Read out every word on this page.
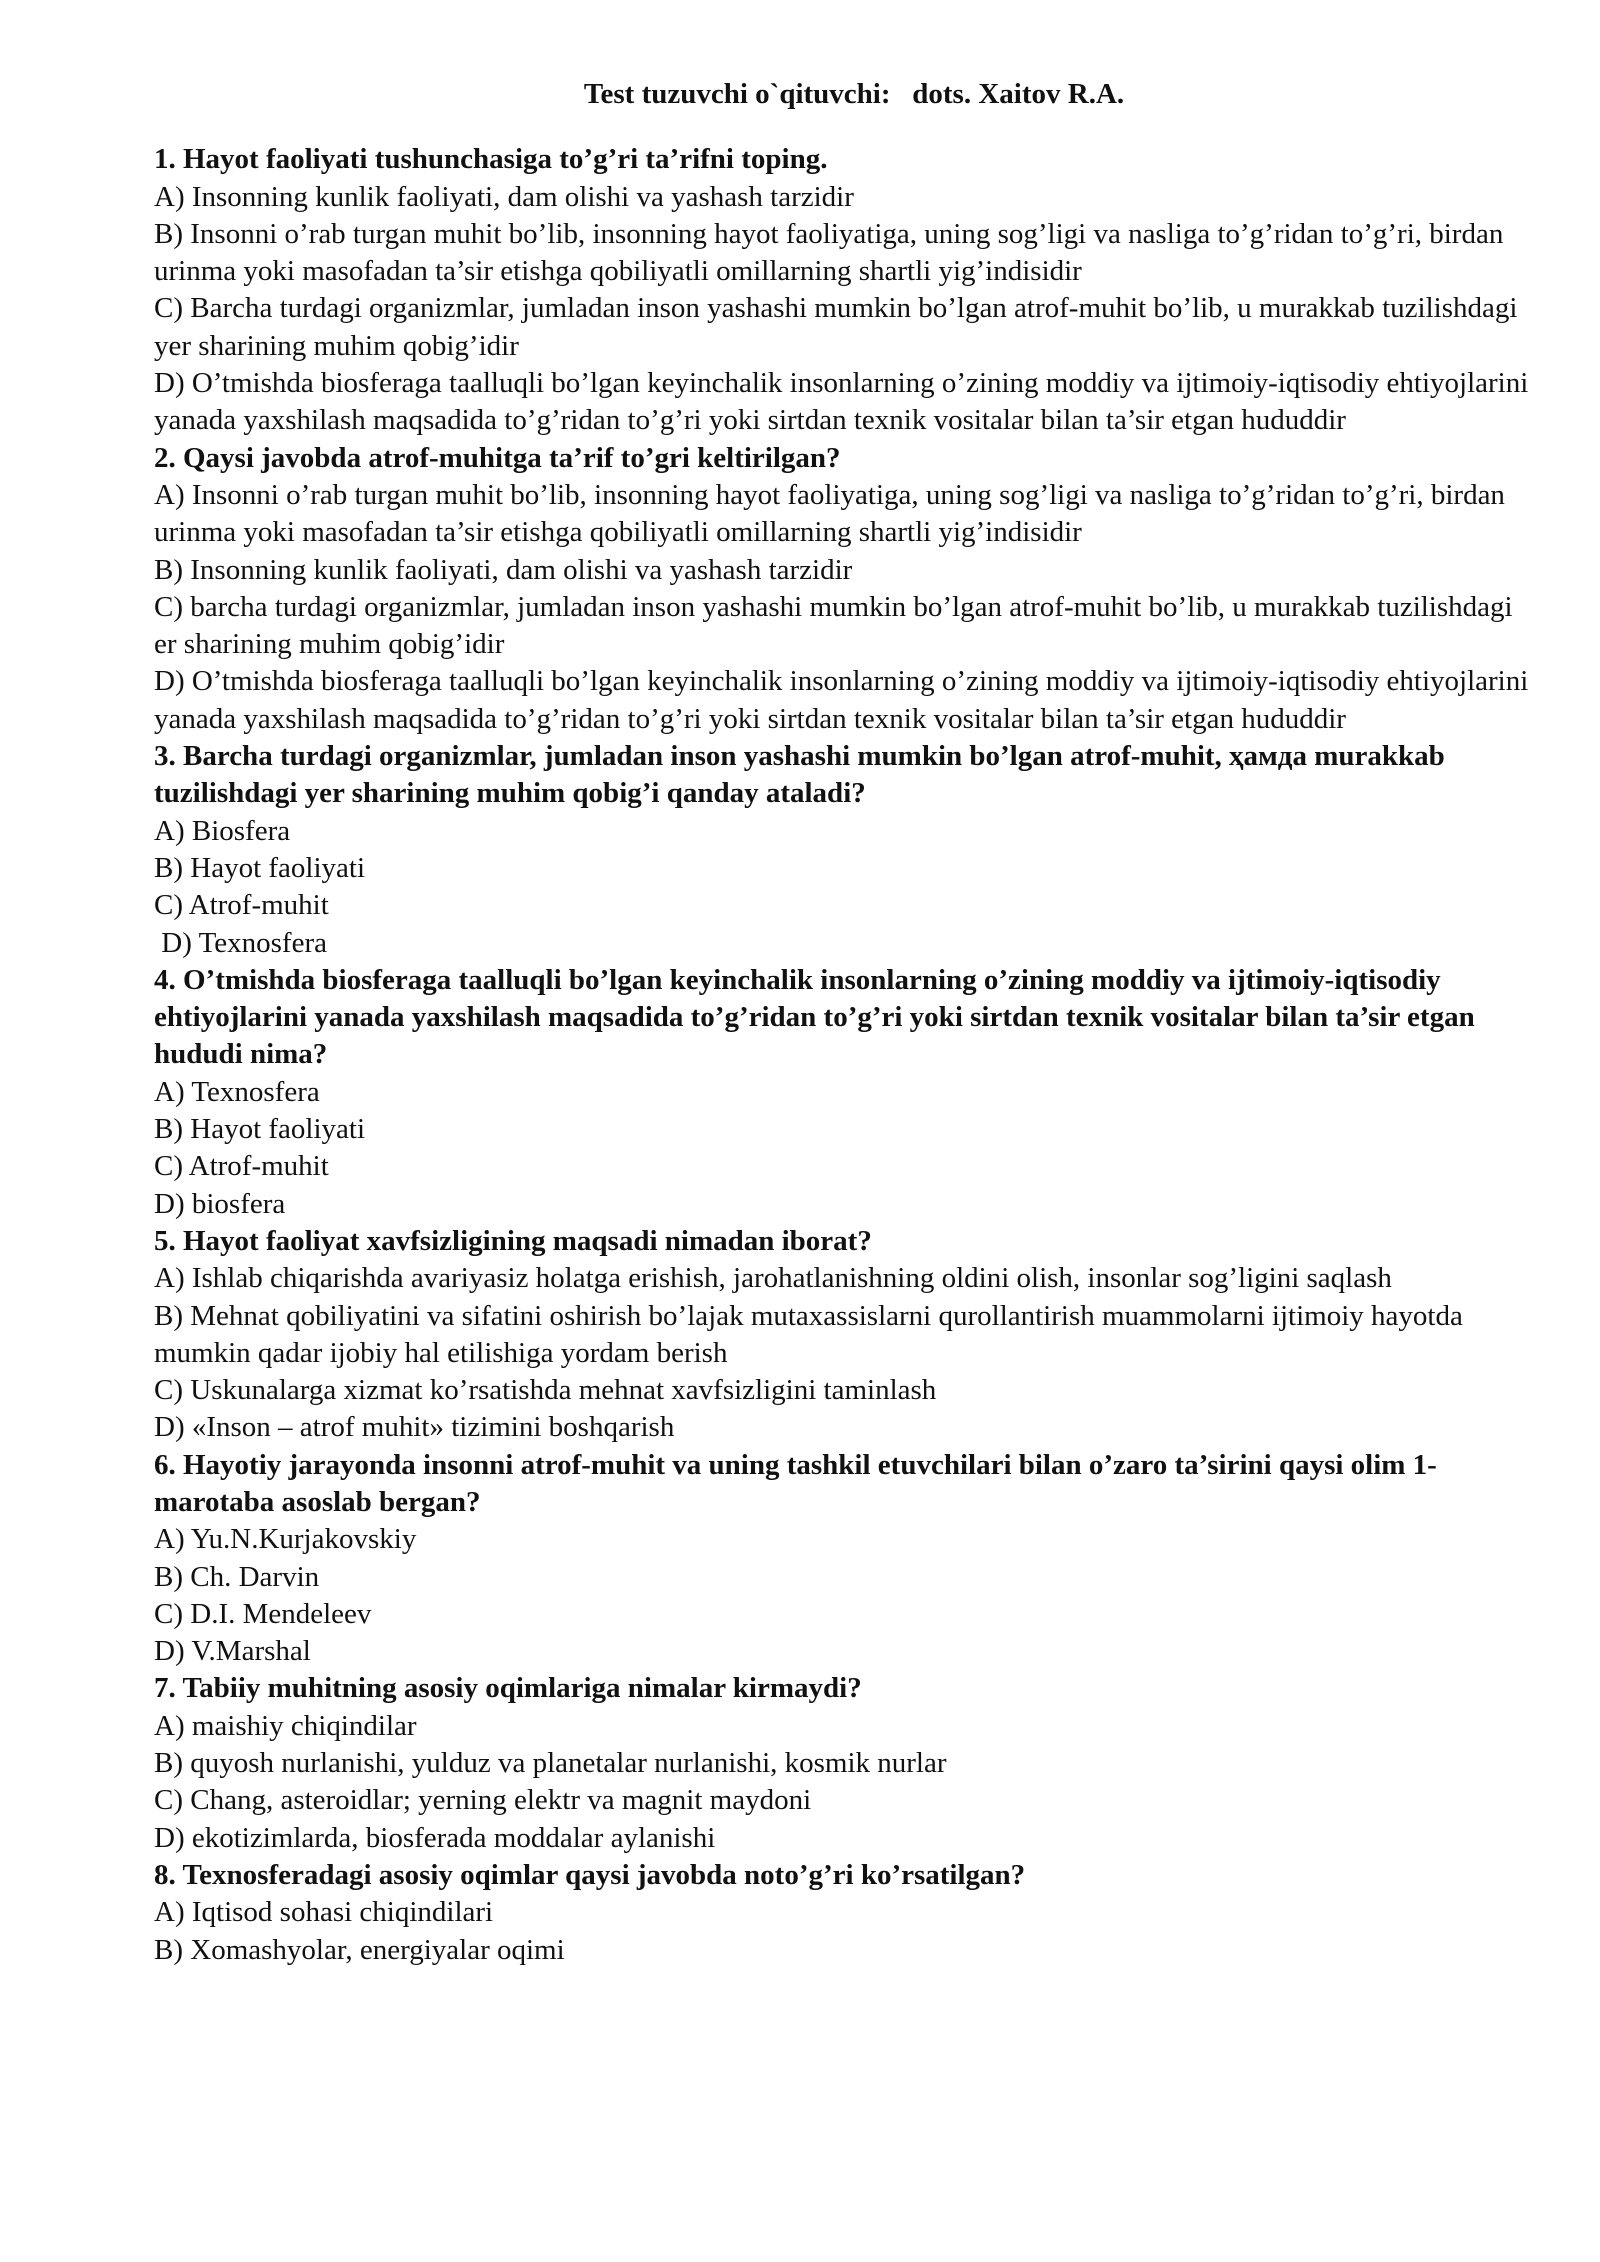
Test tuzuvchi o`qituvchi:   dots. Xaitov R.A.
1. Hayot faoliyati tushunchasiga to’g’ri ta’rifni toping.
A) Insonning kunlik faoliyati, dam olishi va yashash tarzidir
B) Insonni o’rab turgan muhit bo’lib, insonning hayot faoliyatiga, uning sog’ligi va nasliga to’g’ridan to’g’ri, birdan urinma yoki masofadan ta’sir etishga qobiliyatli omillarning shartli yig’indisidir
C) Barcha turdagi organizmlar, jumladan inson yashashi mumkin bo’lgan atrof-muhit bo’lib, u murakkab tuzilishdagi yer sharining muhim qobig’idir
D) O’tmishda biosferaga taalluqli bo’lgan keyinchalik insonlarning o’zining moddiy va ijtimoiy-iqtisodiy ehtiyojlarini yanada yaxshilash maqsadida to’g’ridan to’g’ri yoki sirtdan texnik vositalar bilan ta’sir etgan hududdir
2. Qaysi javobda atrof-muhitga ta’rif to’gri keltirilgan?
A) Insonni o’rab turgan muhit bo’lib, insonning hayot faoliyatiga, uning sog’ligi va nasliga to’g’ridan to’g’ri, birdan urinma yoki masofadan ta’sir etishga qobiliyatli omillarning shartli yig’indisidir
B) Insonning kunlik faoliyati, dam olishi va yashash tarzidir
C) barcha turdagi organizmlar, jumladan inson yashashi mumkin bo’lgan atrof-muhit bo’lib, u murakkab tuzilishdagi er sharining muhim qobig’idir
D) O’tmishda biosferaga taalluqli bo’lgan keyinchalik insonlarning o’zining moddiy va ijtimoiy-iqtisodiy ehtiyojlarini yanada yaxshilash maqsadida to’g’ridan to’g’ri yoki sirtdan texnik vositalar bilan ta’sir etgan hududdir
3. Barcha turdagi organizmlar, jumladan inson yashashi mumkin bo’lgan atrof-muhit, ҳамда murakkab tuzilishdagi yer sharining muhim qobig’i qanday ataladi?
A) Biosfera
B) Hayot faoliyati
C) Atrof-muhit
D) Texnosfera
4. O’tmishda biosferaga taalluqli bo’lgan keyinchalik insonlarning o’zining moddiy va ijtimoiy-iqtisodiy ehtiyojlarini yanada yaxshilash maqsadida to’g’ridan to’g’ri yoki sirtdan texnik vositalar bilan ta’sir etgan hududi nima?
A) Texnosfera
B) Hayot faoliyati
C) Atrof-muhit
D) biosfera
5. Hayot faoliyat xavfsizligining maqsadi nimadan iborat?
A) Ishlab chiqarishda avariyasiz holatga erishish, jarohatlanishning oldini olish, insonlar sog’ligini saqlash
B) Mehnat qobiliyatini va sifatini oshirish bo’lajak mutaxassislarni qurollantirish muammolarni ijtimoiy hayotda mumkin qadar ijobiy hal etilishiga yordam berish
C) Uskunalarga xizmat ko’rsatishda mehnat xavfsizligini taminlash
D) «Inson – atrof muhit» tizimini boshqarish
6. Hayotiy jarayonda insonni atrof-muhit va uning tashkil etuvchilari bilan o’zaro ta’sirini qaysi olim 1-marotaba asoslab bergan?
A) Yu.N.Kurjakovskiy
B) Ch. Darvin
C) D.I. Mendeleev
D) V.Marshal
7. Tabiiy muhitning asosiy oqimlariga nimalar kirmaydi?
A) maishiy chiqindilar
B) quyosh nurlanishi, yulduz va planetalar nurlanishi, kosmik nurlar
C) Chang, asteroidlar; yerning elektr va magnit maydoni
D) ekotizimlarda, biosferada moddalar aylanishi
8. Texnosferadagi asosiy oqimlar qaysi javobda noto’g’ri ko’rsatilgan?
A) Iqtisod sohasi chiqindilari
B) Xomashyolar, energiyalar oqimi
